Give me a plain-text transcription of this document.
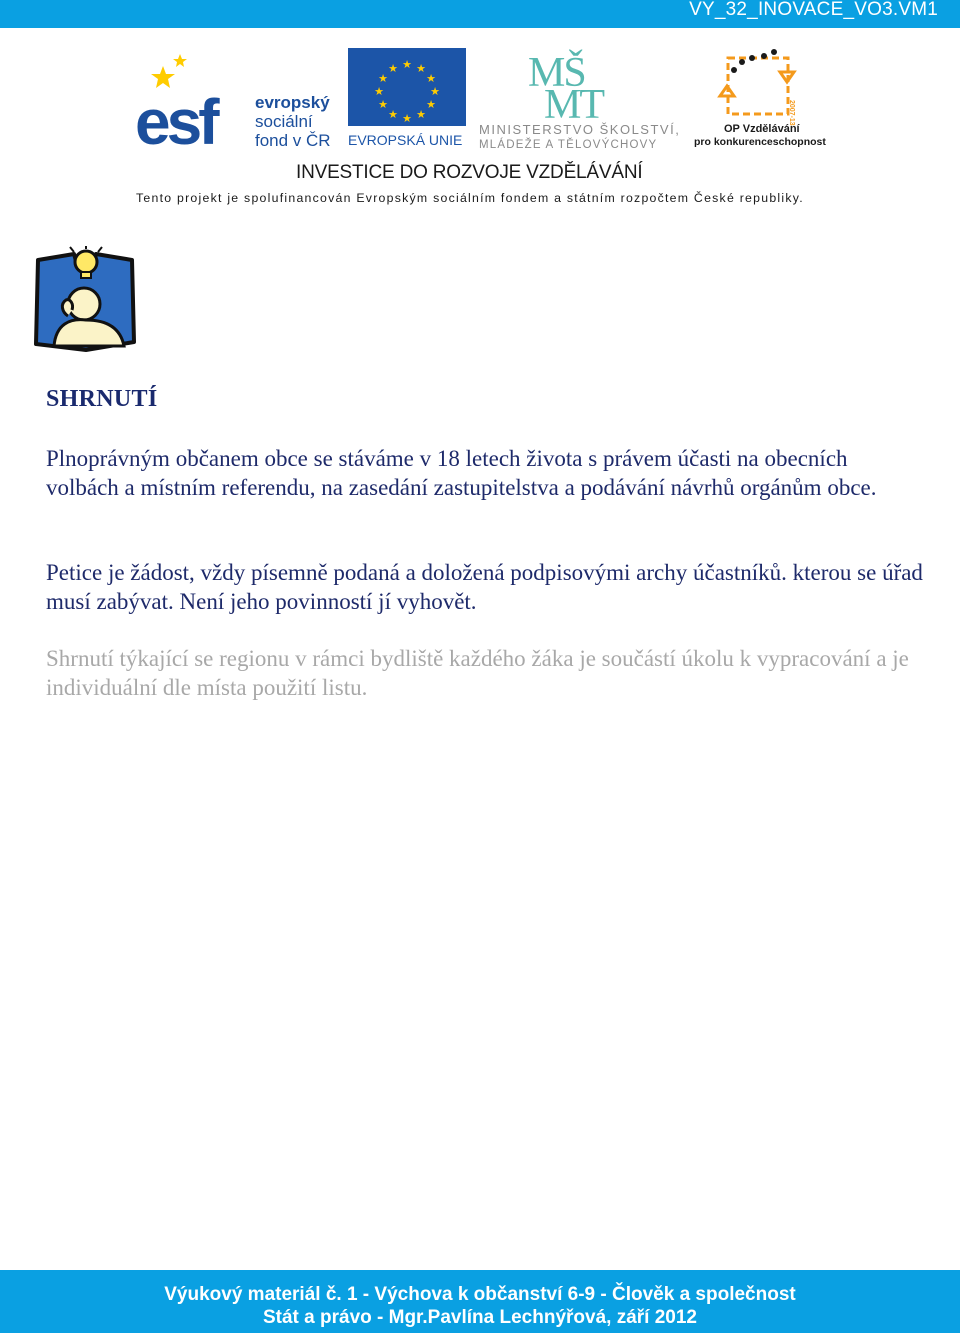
VY_32_INOVACE_VO3.VM1
esf evropský
sociální
fond v ČR
★ ★
★
★
★
★
★
★
★
★
★
★
EVROPSKÁ UNIE
MŠ
MT
MINISTERSTVO ŠKOLSTVÍ,
MLÁDEŽE A TĚLOVÝCHOVY
2007-13
OP Vzdělávání
pro konkurenceschopnost
INVESTICE DO ROZVOJE VZDĚLÁVÁNÍ
Tento projekt je spolufinancován Evropským sociálním fondem a státním rozpočtem České republiky.
SHRNUTÍ

Plnoprávným občanem obce se stáváme v 18 letech života s právem účasti na obecních volbách a místním referendu, na zasedání zastupitelstva a podávání návrhů orgánům obce.

Petice je žádost, vždy písemně podaná a doložená podpisovými archy účastníků. kterou se úřad musí zabývat. Není jeho povinností jí vyhovět.

Shrnutí týkající se regionu v rámci bydliště každého žáka je součástí úkolu k vypracování a je individuální dle místa použití listu.

Výukový materiál č. 1 - Výchova k občanství 6-9 - Člověk a společnost
Stát a právo - Mgr.Pavlína Lechnýřová, září 2012
